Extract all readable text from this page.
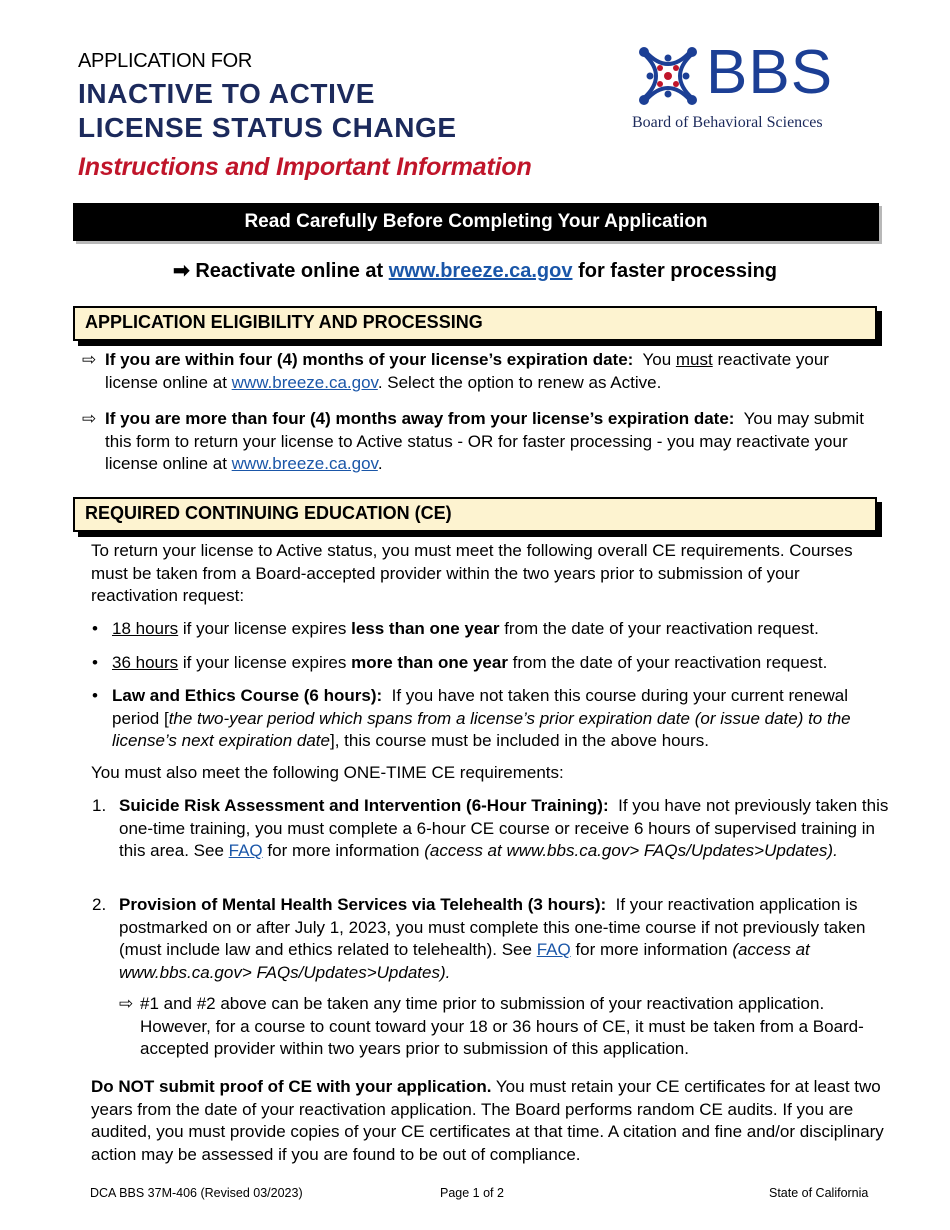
APPLICATION FOR
INACTIVE TO ACTIVE
LICENSE STATUS CHANGE
Instructions and Important Information
BBS
Board of Behavioral Sciences
Read Carefully Before Completing Your Application
➡ Reactivate online at www.breeze.ca.gov for faster processing
APPLICATION ELIGIBILITY AND PROCESSING
⇨ If you are within four (4) months of your license’s expiration date: You must reactivate your license online at www.breeze.ca.gov. Select the option to renew as Active.
⇨ If you are more than four (4) months away from your license’s expiration date: You may submit this form to return your license to Active status - OR for faster processing - you may reactivate your license online at www.breeze.ca.gov.
REQUIRED CONTINUING EDUCATION (CE)
To return your license to Active status, you must meet the following overall CE requirements. Courses must be taken from a Board-accepted provider within the two years prior to submission of your reactivation request:
• 18 hours if your license expires less than one year from the date of your reactivation request.
• 36 hours if your license expires more than one year from the date of your reactivation request.
• Law and Ethics Course (6 hours): If you have not taken this course during your current renewal period [the two-year period which spans from a license’s prior expiration date (or issue date) to the license’s next expiration date], this course must be included in the above hours.
You must also meet the following ONE-TIME CE requirements:
1. Suicide Risk Assessment and Intervention (6-Hour Training): If you have not previously taken this one-time training, you must complete a 6-hour CE course or receive 6 hours of supervised training in this area. See FAQ for more information (access at www.bbs.ca.gov> FAQs/Updates>Updates).
2. Provision of Mental Health Services via Telehealth (3 hours): If your reactivation application is postmarked on or after July 1, 2023, you must complete this one-time course if not previously taken (must include law and ethics related to telehealth). See FAQ for more information (access at www.bbs.ca.gov> FAQs/Updates>Updates).
⇨ #1 and #2 above can be taken any time prior to submission of your reactivation application. However, for a course to count toward your 18 or 36 hours of CE, it must be taken from a Board-accepted provider within two years prior to submission of this application.
Do NOT submit proof of CE with your application. You must retain your CE certificates for at least two years from the date of your reactivation application. The Board performs random CE audits. If you are audited, you must provide copies of your CE certificates at that time. A citation and fine and/or disciplinary action may be assessed if you are found to be out of compliance.
DCA BBS 37M-406 (Revised 03/2023)	Page 1 of 2	State of California
